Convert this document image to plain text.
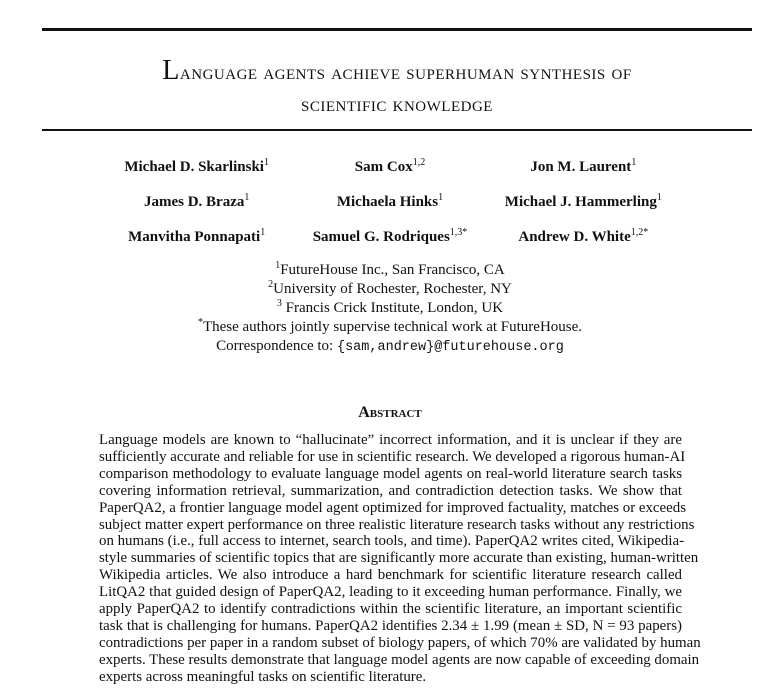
Language agents achieve superhuman synthesis of
scientific knowledge
Michael D. Skarlinski$^1$	Sam Cox$^{1,2}$	Jon M. Laurent$^1$
James D. Braza$^1$	Michaela Hinks$^1$	Michael J. Hammerling$^1$
Manvitha Ponnapati$^1$	Samuel G. Rodriques$^{1,3*}$	Andrew D. White$^{1,2*}$
$^1$FutureHouse Inc., San Francisco, CA
$^2$University of Rochester, Rochester, NY
$^3$ Francis Crick Institute, London, UK
*These authors jointly supervise technical work at FutureHouse.
Correspondence to: {sam,andrew}@futurehouse.org
Abstract
Language models are known to “hallucinate” incorrect information, and it is unclear if they are
sufficiently accurate and reliable for use in scientific research. We developed a rigorous human-AI
comparison methodology to evaluate language model agents on real-world literature search tasks
covering information retrieval, summarization, and contradiction detection tasks. We show that
PaperQA2, a frontier language model agent optimized for improved factuality, matches or exceeds
subject matter expert performance on three realistic literature research tasks without any restrictions
on humans (i.e., full access to internet, search tools, and time). PaperQA2 writes cited, Wikipedia-
style summaries of scientific topics that are significantly more accurate than existing, human-written
Wikipedia articles. We also introduce a hard benchmark for scientific literature research called
LitQA2 that guided design of PaperQA2, leading to it exceeding human performance. Finally, we
apply PaperQA2 to identify contradictions within the scientific literature, an important scientific
task that is challenging for humans. PaperQA2 identifies 2.34 ± 1.99 (mean ± SD, N = 93 papers)
contradictions per paper in a random subset of biology papers, of which 70% are validated by human
experts. These results demonstrate that language model agents are now capable of exceeding domain
experts across meaningful tasks on scientific literature.
